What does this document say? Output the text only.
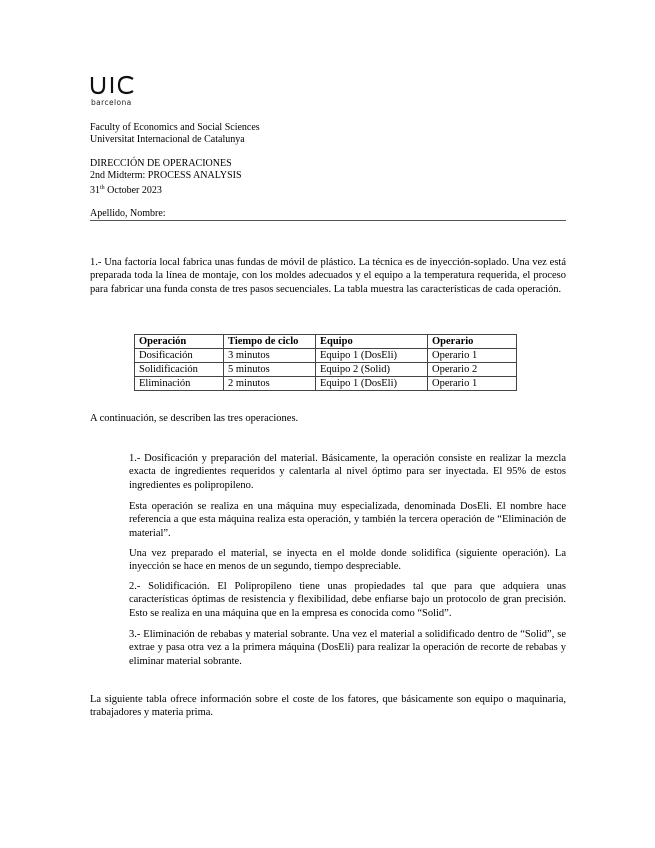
barcelona
Faculty of Economics and Social Sciences
Universitat Internacional de Catalunya
DIRECCIÓN DE OPERACIONES
2nd Midterm: PROCESS ANALYSIS
31th October 2023
Apellido, Nombre:

1.- Una factoría local fabrica unas fundas de móvil de plástico. La técnica es de inyección-soplado. Una vez está preparada toda la línea de montaje, con los moldes adecuados y el equipo a la temperatura requerida, el proceso para fabricar una funda consta de tres pasos secuenciales. La tabla muestra las características de cada operación.

Operación	Tiempo de ciclo	Equipo	Operario
Dosificación	3 minutos	Equipo 1 (DosEli)	Operario 1
Solidificación	5 minutos	Equipo 2 (Solid)	Operario 2
Eliminación	2 minutos	Equipo 1 (DosEli)	Operario 1

A continuación, se describen las tres operaciones.

1.- Dosificación y preparación del material. Básicamente, la operación consiste en realizar la mezcla exacta de ingredientes requeridos y calentarla al nivel óptimo para ser inyectada. El 95% de estos ingredientes es polipropileno.

Esta operación se realiza en una máquina muy especializada, denominada DosEli. El nombre hace referencia a que esta máquina realiza esta operación, y también la tercera operación de “Eliminación de material”.

Una vez preparado el material, se inyecta en el molde donde solidifica (siguiente operación). La inyección se hace en menos de un segundo, tiempo despreciable.

2.- Solidificación. El Polipropileno tiene unas propiedades tal que para que adquiera unas características óptimas de resistencia y flexibilidad, debe enfiarse bajo un protocolo de gran precisión. Esto se realiza en una máquina que en la empresa es conocida como “Solid”.

3.- Eliminación de rebabas y material sobrante. Una vez el material a solidificado dentro de “Solid”, se extrae y pasa otra vez a la primera máquina (DosEli) para realizar la operación de recorte de rebabas y eliminar material sobrante.

La siguiente tabla ofrece información sobre el coste de los fatores, que básicamente son equipo o maquinaria, trabajadores y materia prima.
